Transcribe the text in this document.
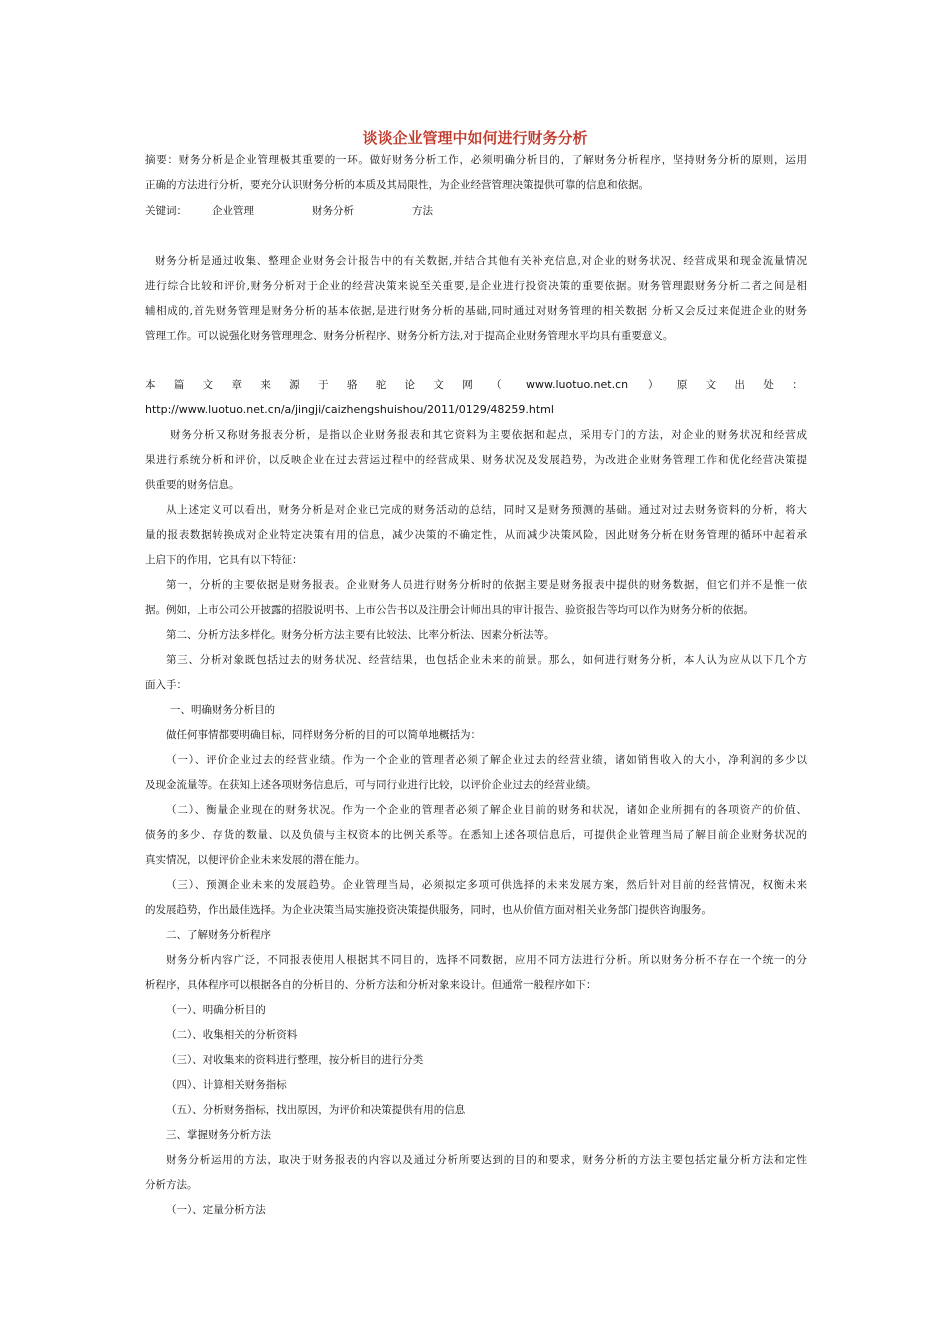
谈谈企业管理中如何进行财务分析
摘要：财务分析是企业管理极其重要的一环。做好财务分析工作，必须明确分析目的，了解财务分析程序，坚持财务分析的原则，运用
正确的方法进行分析，要充分认识财务分析的本质及其局限性，为企业经营管理决策提供可靠的信息和依据。
关键词： 企业管理	财务分析	方法
财务分析是通过收集、整理企业财务会计报告中的有关数据,并结合其他有关补充信息,对企业的财务状况、经营成果和现金流量情况
进行综合比较和评价,财务分析对于企业的经营决策来说至关重要,是企业进行投资决策的重要依据。财务管理跟财务分析二者之间是相
辅相成的,首先财务管理是财务分析的基本依据,是进行财务分析的基础,同时通过对财务管理的相关数据 分析又会反过来促进企业的财务
管理工作。可以说强化财务管理理念、财务分析程序、财务分析方法,对于提高企业财务管理水平均具有重要意义。
本 篇 文 章 来 源 于 骆 驼 论 文 网 （ www.luotuo.net.cn ） 原 文 出 处 ：
http://www.luotuo.net.cn/a/jingji/caizhengshuishou/2011/0129/48259.html
财务分析又称财务报表分析，是指以企业财务报表和其它资料为主要依据和起点，采用专门的方法，对企业的财务状况和经营成
果进行系统分析和评价，以反映企业在过去营运过程中的经营成果、财务状况及发展趋势，为改进企业财务管理工作和优化经营决策提
供重要的财务信息。
从上述定义可以看出，财务分析是对企业已完成的财务活动的总结，同时又是财务预测的基础。通过对过去财务资料的分析，将大
量的报表数据转换成对企业特定决策有用的信息，减少决策的不确定性，从而减少决策风险，因此财务分析在财务管理的循环中起着承
上启下的作用，它具有以下特征：
第一，分析的主要依据是财务报表。企业财务人员进行财务分析时的依据主要是财务报表中提供的财务数据，但它们并不是惟一依
据。例如，上市公司公开披露的招股说明书、上市公告书以及注册会计师出具的审计报告、验资报告等均可以作为财务分析的依据。
第二、分析方法多样化。财务分析方法主要有比较法、比率分析法、因素分析法等。
第三、分析对象既包括过去的财务状况、经营结果，也包括企业未来的前景。那么，如何进行财务分析，本人认为应从以下几个方
面入手：
一、明确财务分析目的
做任何事情都要明确目标，同样财务分析的目的可以简单地概括为：
（一）、评价企业过去的经营业绩。作为一个企业的管理者必须了解企业过去的经营业绩，诸如销售收入的大小，净利润的多少以
及现金流量等。在获知上述各项财务信息后，可与同行业进行比较，以评价企业过去的经营业绩。
（二）、衡量企业现在的财务状况。作为一个企业的管理者必须了解企业目前的财务和状况，诸如企业所拥有的各项资产的价值、
债务的多少、存货的数量、以及负债与主权资本的比例关系等。在悉知上述各项信息后，可提供企业管理当局了解目前企业财务状况的
真实情况，以便评价企业未来发展的潜在能力。
（三）、预测企业未来的发展趋势。企业管理当局，必须拟定多项可供选择的未来发展方案，然后针对目前的经营情况，权衡未来
的发展趋势，作出最佳选择。为企业决策当局实施投资决策提供服务，同时，也从价值方面对相关业务部门提供咨询服务。
二、了解财务分析程序
财务分析内容广泛，不同报表使用人根据其不同目的，选择不同数据，应用不同方法进行分析。所以财务分析不存在一个统一的分
析程序，具体程序可以根据各自的分析目的、分析方法和分析对象来设计。但通常一般程序如下：
（一）、明确分析目的
（二）、收集相关的分析资料
（三）、对收集来的资料进行整理，按分析目的进行分类
（四）、计算相关财务指标
（五）、分析财务指标，找出原因，为评价和决策提供有用的信息
三、掌握财务分析方法
财务分析运用的方法，取决于财务报表的内容以及通过分析所要达到的目的和要求，财务分析的方法主要包括定量分析方法和定性
分析方法。
（一）、定量分析方法
